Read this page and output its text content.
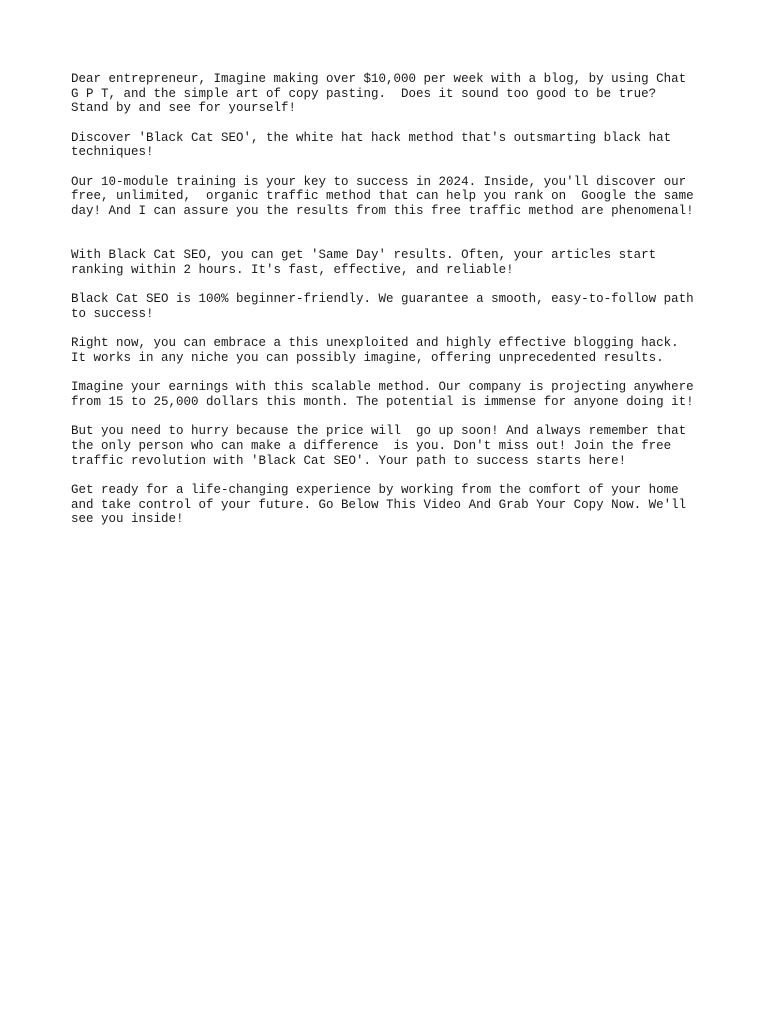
Dear entrepreneur, Imagine making over $10,000 per week with a blog, by using Chat
G P T, and the simple art of copy pasting.  Does it sound too good to be true?
Stand by and see for yourself!

Discover 'Black Cat SEO', the white hat hack method that's outsmarting black hat
techniques!

Our 10-module training is your key to success in 2024. Inside, you'll discover our
free, unlimited,  organic traffic method that can help you rank on  Google the same
day! And I can assure you the results from this free traffic method are phenomenal!

With Black Cat SEO, you can get 'Same Day' results. Often, your articles start
ranking within 2 hours. It's fast, effective, and reliable!

Black Cat SEO is 100% beginner-friendly. We guarantee a smooth, easy-to-follow path
to success!

Right now, you can embrace a this unexploited and highly effective blogging hack.
It works in any niche you can possibly imagine, offering unprecedented results.

Imagine your earnings with this scalable method. Our company is projecting anywhere
from 15 to 25,000 dollars this month. The potential is immense for anyone doing it!

But you need to hurry because the price will  go up soon! And always remember that
the only person who can make a difference  is you. Don't miss out! Join the free
traffic revolution with 'Black Cat SEO'. Your path to success starts here!

Get ready for a life-changing experience by working from the comfort of your home
and take control of your future. Go Below This Video And Grab Your Copy Now. We'll
see you inside!
